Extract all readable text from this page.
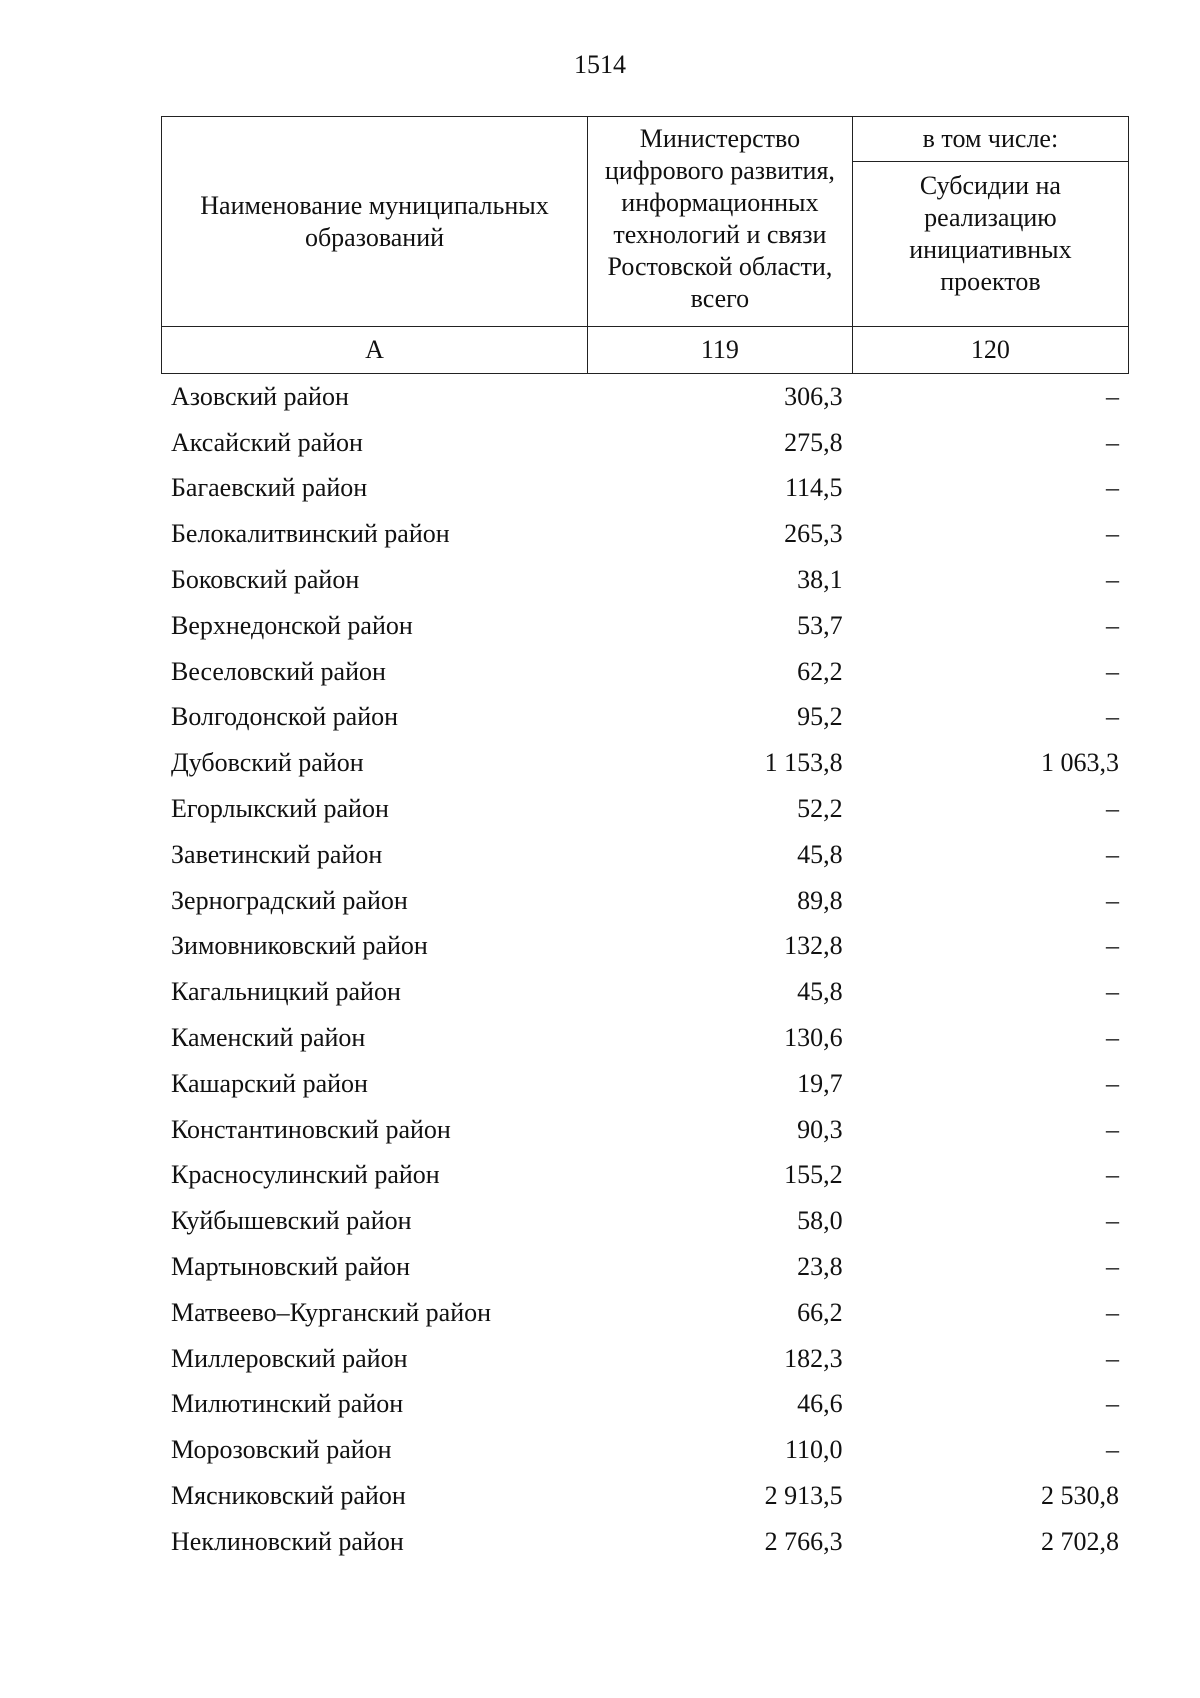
1514
Наименование муниципальных образований	Министерство цифрового развития, информационных технологий и связи Ростовской области, всего	в том числе:
		Субсидии на реализацию инициативных проектов
А	119	120
Азовский район	306,3	–
Аксайский район	275,8	–
Багаевский район	114,5	–
Белокалитвинский район	265,3	–
Боковский район	38,1	–
Верхнедонской район	53,7	–
Веселовский район	62,2	–
Волгодонской район	95,2	–
Дубовский район	1 153,8	1 063,3
Егорлыкский район	52,2	–
Заветинский район	45,8	–
Зерноградский район	89,8	–
Зимовниковский район	132,8	–
Кагальницкий район	45,8	–
Каменский район	130,6	–
Кашарский район	19,7	–
Константиновский район	90,3	–
Красносулинский район	155,2	–
Куйбышевский район	58,0	–
Мартыновский район	23,8	–
Матвеево–Курганский район	66,2	–
Миллеровский район	182,3	–
Милютинский район	46,6	–
Морозовский район	110,0	–
Мясниковский район	2 913,5	2 530,8
Неклиновский район	2 766,3	2 702,8
